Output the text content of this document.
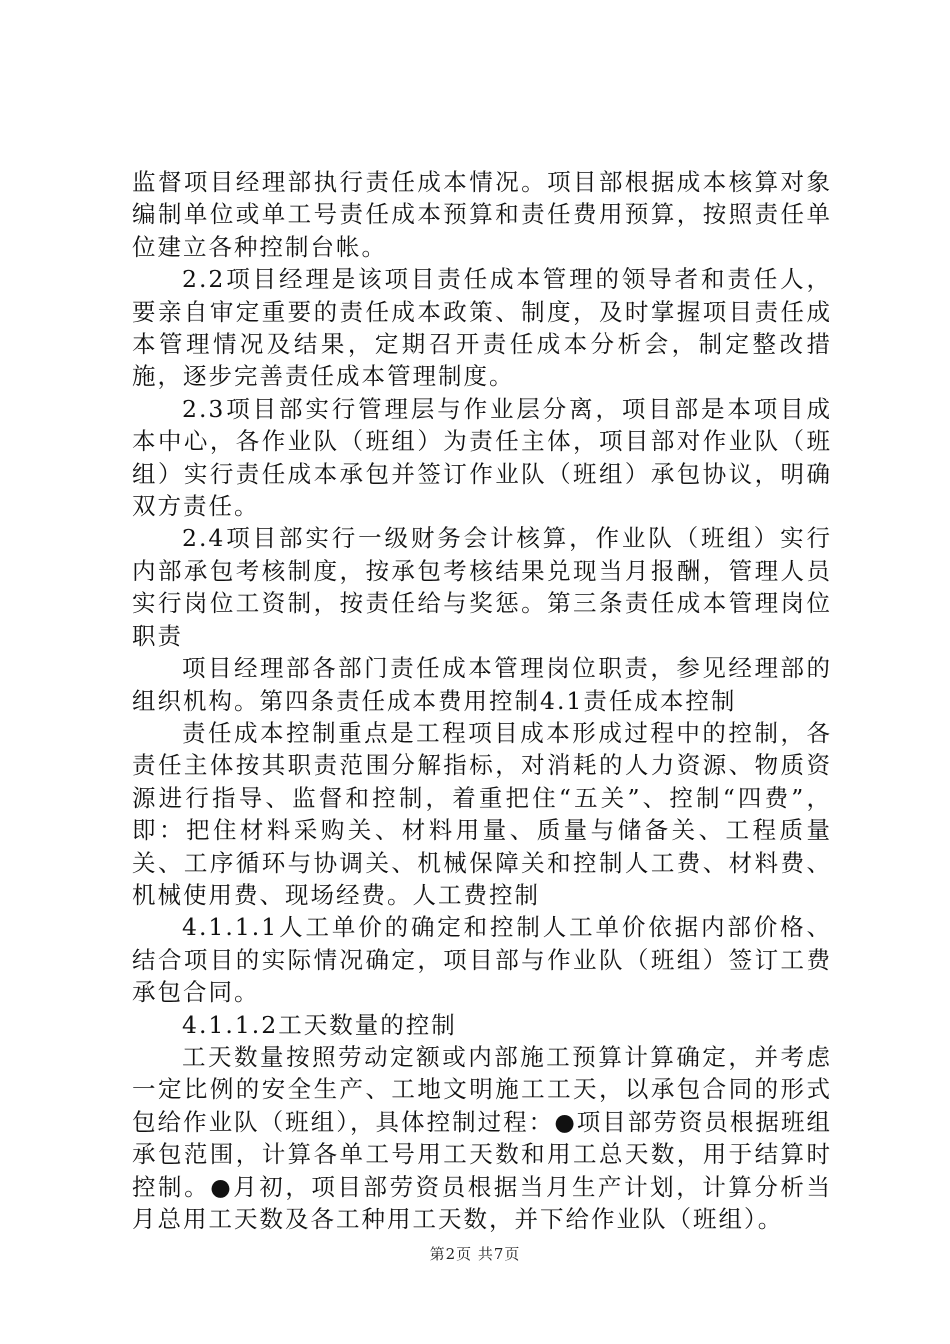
监督项目经理部执行责任成本情况。项目部根据成本核算对象编制单位或单工号责任成本预算和责任费用预算，按照责任单位建立各种控制台帐。

2.2项目经理是该项目责任成本管理的领导者和责任人，要亲自审定重要的责任成本政策、制度，及时掌握项目责任成本管理情况及结果，定期召开责任成本分析会，制定整改措施，逐步完善责任成本管理制度。

2.3项目部实行管理层与作业层分离，项目部是本项目成本中心，各作业队（班组）为责任主体，项目部对作业队（班组）实行责任成本承包并签订作业队（班组）承包协议，明确双方责任。

2.4项目部实行一级财务会计核算，作业队（班组）实行内部承包考核制度，按承包考核结果兑现当月报酬，管理人员实行岗位工资制，按责任给与奖惩。第三条责任成本管理岗位职责

项目经理部各部门责任成本管理岗位职责，参见经理部的组织机构。第四条责任成本费用控制4.1责任成本控制

责任成本控制重点是工程项目成本形成过程中的控制，各责任主体按其职责范围分解指标，对消耗的人力资源、物质资源进行指导、监督和控制，着重把住“五关”、控制“四费”，即：把住材料采购关、材料用量、质量与储备关、工程质量关、工序循环与协调关、机械保障关和控制人工费、材料费、机械使用费、现场经费。人工费控制

4.1.1.1人工单价的确定和控制人工单价依据内部价格、结合项目的实际情况确定，项目部与作业队（班组）签订工费承包合同。

4.1.1.2工天数量的控制

工天数量按照劳动定额或内部施工预算计算确定，并考虑一定比例的安全生产、工地文明施工工天，以承包合同的形式包给作业队（班组），具体控制过程：●项目部劳资员根据班组承包范围，计算各单工号用工天数和用工总天数，用于结算时控制。●月初，项目部劳资员根据当月生产计划，计算分析当月总用工天数及各工种用工天数，并下给作业队（班组）。

第2页 共7页
